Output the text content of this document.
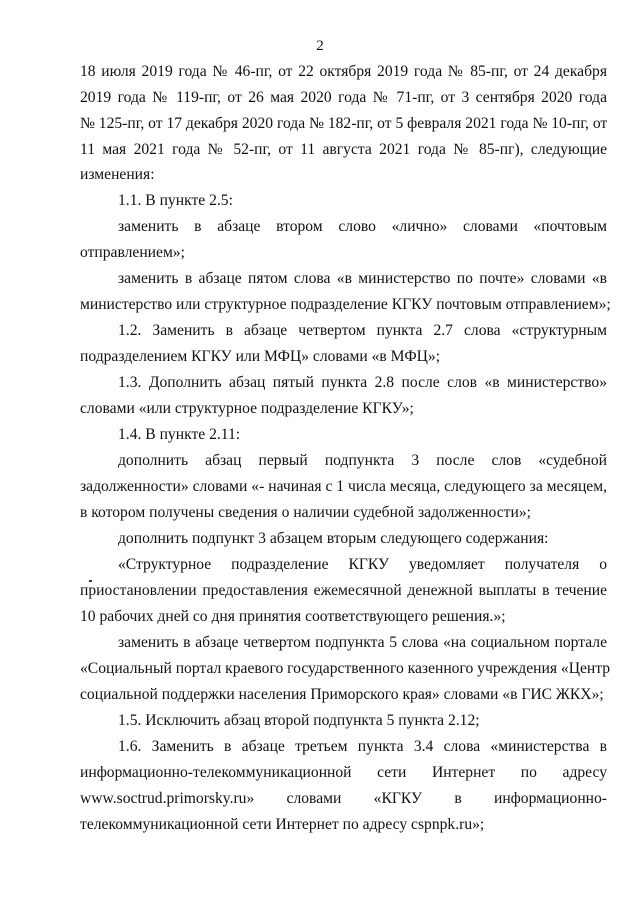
2
18 июля 2019 года № 46-пг, от 22 октября 2019 года № 85-пг, от 24 декабря
2019 года № 119-пг, от 26 мая 2020 года № 71-пг, от 3 сентября 2020 года
№ 125-пг, от 17 декабря 2020 года № 182-пг, от 5 февраля 2021 года № 10-пг, от
11 мая 2021 года № 52-пг, от 11 августа 2021 года № 85-пг), следующие
изменения:
1.1. В пункте 2.5:
заменить в абзаце втором слово «лично» словами «почтовым
отправлением»;
заменить в абзаце пятом слова «в министерство по почте» словами «в
министерство или структурное подразделение КГКУ почтовым отправлением»;
1.2. Заменить в абзаце четвертом пункта 2.7 слова «структурным
подразделением КГКУ или МФЦ» словами «в МФЦ»;
1.3. Дополнить абзац пятый пункта 2.8 после слов «в министерство»
словами «или структурное подразделение КГКУ»;
1.4. В пункте 2.11:
дополнить абзац первый подпункта 3 после слов «судебной
задолженности» словами «- начиная с 1 числа месяца, следующего за месяцем,
в котором получены сведения о наличии судебной задолженности»;
дополнить подпункт 3 абзацем вторым следующего содержания:
«Структурное подразделение КГКУ уведомляет получателя о
приостановлении предоставления ежемесячной денежной выплаты в течение
10 рабочих дней со дня принятия соответствующего решения.»;
заменить в абзаце четвертом подпункта 5 слова «на социальном портале
«Социальный портал краевого государственного казенного учреждения «Центр
социальной поддержки населения Приморского края» словами «в ГИС ЖКХ»;
1.5. Исключить абзац второй подпункта 5 пункта 2.12;
1.6. Заменить в абзаце третьем пункта 3.4 слова «министерства в
информационно-телекоммуникационной сети Интернет по адресу
www.soctrud.primorsky.ru» словами «КГКУ в информационно-
телекоммуникационной сети Интернет по адресу cspnpk.ru»;
